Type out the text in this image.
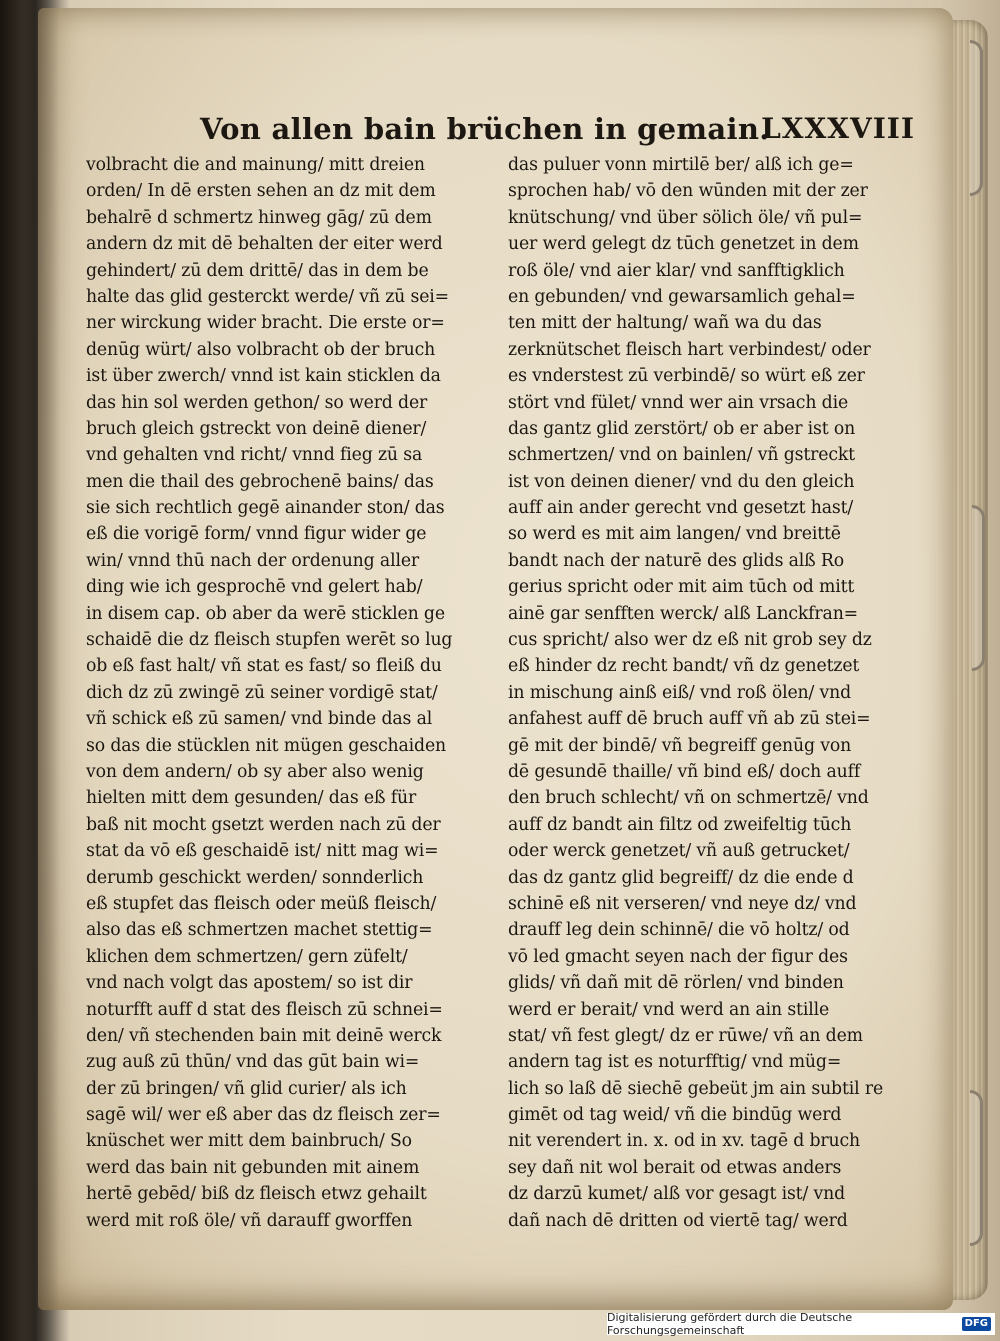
Von allen bain brüchen in gemain.
LXXXVIII
volbracht die and mainung/ mitt dreien
orden/ In dē ersten sehen an dz mit dem
behalrē d schmertz hinweg gāg/ zū dem
andern dz mit dē behalten der eiter werd
gehindert/ zū dem drittē/ das in dem be
halte das glid gesterckt werde/ vñ zū sei=
ner wirckung wider bracht. Die erste or=
denūg würt/ also volbracht ob der bruch
ist über zwerch/ vnnd ist kain sticklen da
das hin sol werden gethon/ so werd der
bruch gleich gstreckt von deinē diener/
vnd gehalten vnd richt/ vnnd fieg zū sa
men die thail des gebrochenē bains/ das
sie sich rechtlich gegē ainander ston/ das
eß die vorigē form/ vnnd figur wider ge
win/ vnnd thū nach der ordenung aller
ding wie ich gesprochē vnd gelert hab/
in disem cap. ob aber da werē sticklen ge
schaidē die dz fleisch stupfen werēt so lug
ob eß fast halt/ vñ stat es fast/ so fleiß du
dich dz zū zwingē zū seiner vordigē stat/
vñ schick eß zū samen/ vnd binde das al
so das die stücklen nit mügen geschaiden
von dem andern/ ob sy aber also wenig
hielten mitt dem gesunden/ das eß für
baß nit mocht gsetzt werden nach zū der
stat da vō eß geschaidē ist/ nitt mag wi=
derumb geschickt werden/ sonnderlich
eß stupfet das fleisch oder meüß fleisch/
also das eß schmertzen machet stettig=
klichen dem schmertzen/ gern züfelt/
vnd nach volgt das apostem/ so ist dir
noturfft auff d stat des fleisch zū schnei=
den/ vñ stechenden bain mit deinē werck
zug auß zū thūn/ vnd das gūt bain wi=
der zū bringen/ vñ glid curier/ als ich
sagē wil/ wer eß aber das dz fleisch zer=
knüschet wer mitt dem bainbruch/ So
werd das bain nit gebunden mit ainem
hertē gebēd/ biß dz fleisch etwz gehailt
werd mit roß öle/ vñ darauff gworffen
das puluer vonn mirtilē ber/ alß ich ge=
sprochen hab/ vō den wūnden mit der zer
knütschung/ vnd über sölich öle/ vñ pul=
uer werd gelegt dz tūch genetzet in dem
roß öle/ vnd aier klar/ vnd sanfftigklich
en gebunden/ vnd gewarsamlich gehal=
ten mitt der haltung/ wañ wa du das
zerknütschet fleisch hart verbindest/ oder
es vnderstest zū verbindē/ so würt eß zer
stört vnd fület/ vnnd wer ain vrsach die
das gantz glid zerstört/ ob er aber ist on
schmertzen/ vnd on bainlen/ vñ gstreckt
ist von deinen diener/ vnd du den gleich
auff ain ander gerecht vnd gesetzt hast/
so werd es mit aim langen/ vnd breittē
bandt nach der naturē des glids alß Ro
gerius spricht oder mit aim tūch od mitt
ainē gar senfften werck/ alß Lanckfran=
cus spricht/ also wer dz eß nit grob sey dz
eß hinder dz recht bandt/ vñ dz genetzet
in mischung ainß eiß/ vnd roß ölen/ vnd
anfahest auff dē bruch auff vñ ab zū stei=
gē mit der bindē/ vñ begreiff genūg von
dē gesundē thaille/ vñ bind eß/ doch auff
den bruch schlecht/ vñ on schmertzē/ vnd
auff dz bandt ain filtz od zweifeltig tūch
oder werck genetzet/ vñ auß getrucket/
das dz gantz glid begreiff/ dz die ende d
schinē eß nit verseren/ vnd neye dz/ vnd
drauff leg dein schinnē/ die vō holtz/ od
vō led gmacht seyen nach der figur des
glids/ vñ dañ mit dē rörlen/ vnd binden
werd er berait/ vnd werd an ain stille
stat/ vñ fest glegt/ dz er rūwe/ vñ an dem
andern tag ist es noturfftig/ vnd müg=
lich so laß dē siechē gebeüt jm ain subtil re
gimēt od tag weid/ vñ die bindūg werd
nit verendert in. x. od in xv. tagē d bruch
sey dañ nit wol berait od etwas anders
dz darzū kumet/ alß vor gesagt ist/ vnd
dañ nach dē dritten od viertē tag/ werd
Digitalisierung gefördert durch die Deutsche Forschungsgemeinschaft
DFG
